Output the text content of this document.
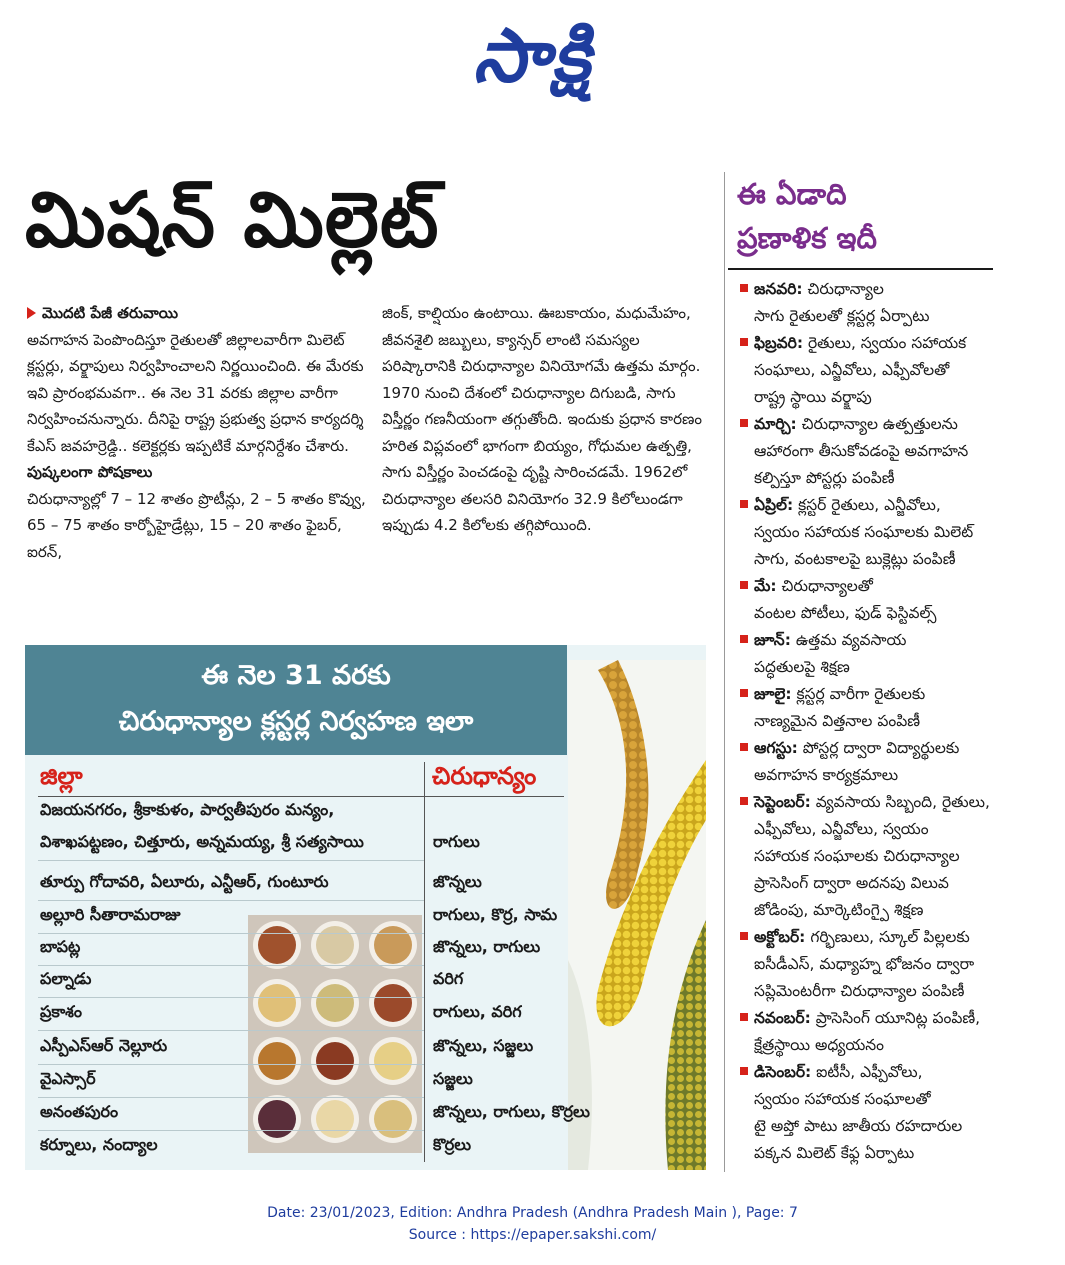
సాక్షి
మిషన్ మిల్లెట్	ఈ ఏడాది
ప్రణాళిక ఇదీ
జనవరి: చిరుధాన్యాల
సాగు రైతులతో క్లస్టర్ల ఏర్పాటు
ఫిబ్రవరి: రైతులు, స్వయం సహాయక
సంఘాలు, ఎన్జీవోలు, ఎఫ్పీవోలతో
రాష్ట్ర స్థాయి వర్క్షాపు
మార్చి: చిరుధాన్యాల ఉత్పత్తులను
ఆహారంగా తీసుకోవడంపై అవగాహన
కల్పిస్తూ పోస్టర్లు పంపిణీ
ఏప్రిల్: క్లస్టర్ రైతులు, ఎన్జీవోలు,
స్వయం సహాయక సంఘాలకు మిలెట్
సాగు, వంటకాలపై బుక్లెట్లు పంపిణీ
మే: చిరుధాన్యాలతో
వంటల పోటీలు, ఫుడ్ ఫెస్టివల్స్
జూన్: ఉత్తమ వ్యవసాయ
పద్ధతులపై శిక్షణ
జూలై: క్లస్టర్ల వారీగా రైతులకు
నాణ్యమైన విత్తనాల పంపిణీ
ఆగస్టు: పోస్టర్ల ద్వారా విద్యార్థులకు
అవగాహన కార్యక్రమాలు
సెప్టెంబర్: వ్యవసాయ సిబ్బంది, రైతులు,
ఎఫ్పీవోలు, ఎన్జీవోలు, స్వయం
సహాయక సంఘాలకు చిరుధాన్యాల
ప్రాసెసింగ్ ద్వారా అదనపు విలువ
జోడింపు, మార్కెటింగ్పై శిక్షణ
అక్టోబర్: గర్భిణులు, స్కూల్ పిల్లలకు
ఐసీడీఎస్, మధ్యాహ్న భోజనం ద్వారా
సప్లిమెంటరీగా చిరుధాన్యాల పంపిణీ
నవంబర్: ప్రాసెసింగ్ యూనిట్ల పంపిణీ,
క్షేత్రస్థాయి అధ్యయనం
డిసెంబర్: ఐటీసీ, ఎఫ్పీవోలు,
స్వయం సహాయక సంఘాలతో
టై అప్తో పాటు జాతీయ రహదారుల
పక్కన మిలెట్ కేఫ్ల ఏర్పాటు
మొదటి పేజీ తరువాయి
అవగాహన పెంపొందిస్తూ రైతులతో జిల్లాలవారీగా మిలెట్ క్లస్టర్లు, వర్క్షాపులు నిర్వహించాలని నిర్ణయించింది. ఈ మేరకు ఇవి ప్రారంభమవగా.. ఈ నెల 31 వరకు జిల్లాల వారీగా నిర్వహించనున్నారు. దీనిపై రాష్ట్ర ప్రభుత్వ ప్రధాన కార్యదర్శి కేఎస్ జవహర్రెడ్డి.. కలెక్టర్లకు ఇప్పటికే మార్గనిర్దేశం చేశారు.
పుష్కలంగా పోషకాలు
చిరుధాన్యాల్లో 7 – 12 శాతం ప్రొటీన్లు, 2 – 5 శాతం కొవ్వు, 65 – 75 శాతం కార్బోహైడ్రేట్లు, 15 – 20 శాతం ఫైబర్, ఐరన్,
జింక్, కాల్షియం ఉంటాయి. ఊబకాయం, మధుమేహం, జీవనశైలి జబ్బులు, క్యాన్సర్ లాంటి సమస్యల పరిష్కారానికి చిరుధాన్యాల వినియోగమే ఉత్తమ మార్గం. 1970 నుంచి దేశంలో చిరుధాన్యాల దిగుబడి, సాగు విస్తీర్ణం గణనీయంగా తగ్గుతోంది. ఇందుకు ప్రధాన కారణం హరిత విప్లవంలో భాగంగా బియ్యం, గోధుమల ఉత్పత్తి, సాగు విస్తీర్ణం పెంచడంపై దృష్టి సారించడమే. 1962లో చిరుధాన్యాల తలసరి వినియోగం 32.9 కిలోలుండగా ఇప్పుడు 4.2 కిలోలకు తగ్గిపోయింది.
ఈ నెల 31 వరకు
చిరుధాన్యాల క్లస్టర్ల నిర్వహణ ఇలా
జిల్లా	చిరుధాన్యం
విజయనగరం, శ్రీకాకుళం, పార్వతీపురం మన్యం,
విశాఖపట్టణం, చిత్తూరు, అన్నమయ్య, శ్రీ సత్యసాయి	రాగులు
తూర్పు గోదావరి, ఏలూరు, ఎన్టీఆర్, గుంటూరు	జొన్నలు
అల్లూరి సీతారామరాజు	రాగులు, కొర్ర, సామ
బాపట్ల	జొన్నలు, రాగులు
పల్నాడు	వరిగ
ప్రకాశం	రాగులు, వరిగ
ఎస్పీఎస్ఆర్ నెల్లూరు	జొన్నలు, సజ్జలు
వైఎస్సార్	సజ్జలు
అనంతపురం	జొన్నలు, రాగులు, కొర్రలు
కర్నూలు, నంద్యాల	కొర్రలు
Date: 23/01/2023, Edition: Andhra Pradesh (Andhra Pradesh Main ), Page: 7
Source : https://epaper.sakshi.com/
